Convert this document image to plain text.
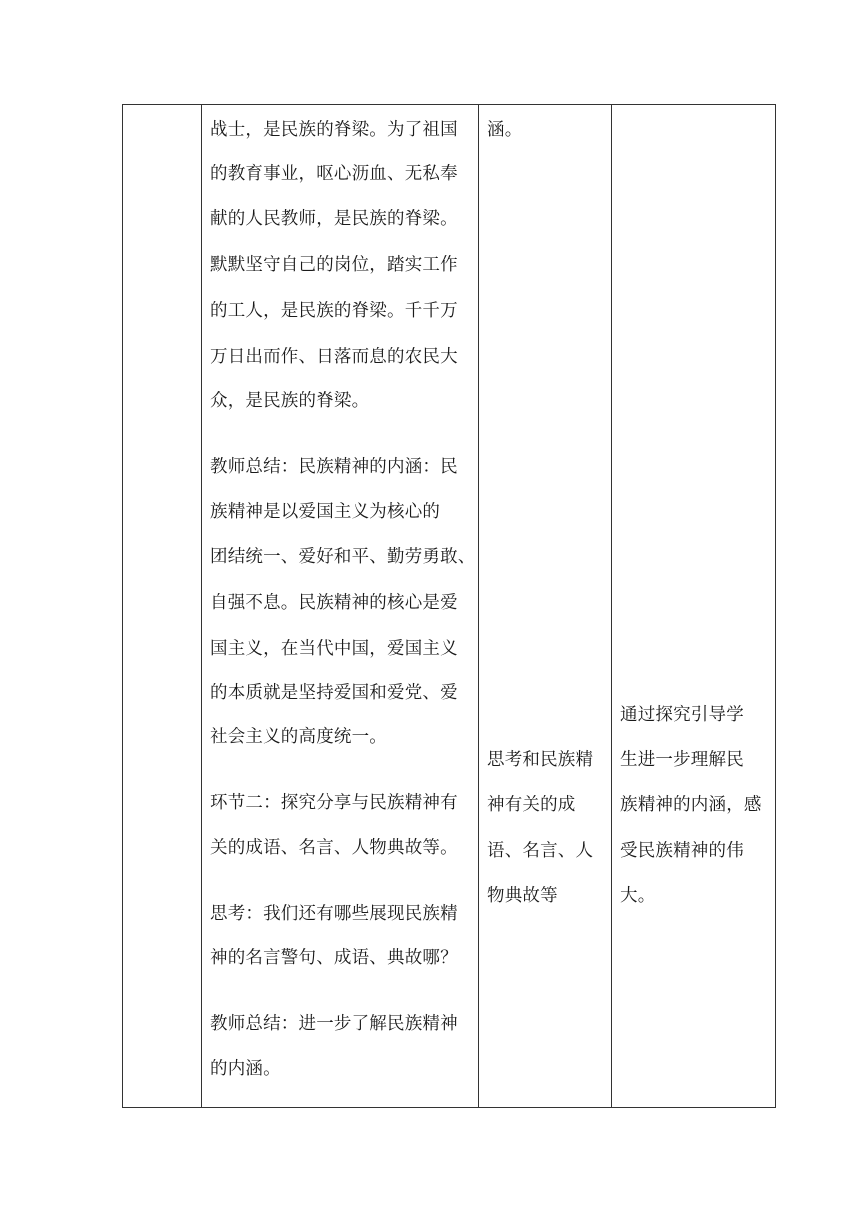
战士，是民族的脊梁。为了祖国
的教育事业，呕心沥血、无私奉
献的人民教师，是民族的脊梁。
默默坚守自己的岗位，踏实工作
的工人，是民族的脊梁。千千万
万日出而作、日落而息的农民大
众，是民族的脊梁。
教师总结：民族精神的内涵：民
族精神是以爱国主义为核心的
团结统一、爱好和平、勤劳勇敢、
自强不息。民族精神的核心是爱
国主义，在当代中国，爱国主义
的本质就是坚持爱国和爱党、爱
社会主义的高度统一。
环节二：探究分享与民族精神有
关的成语、名言、人物典故等。
思考：我们还有哪些展现民族精
神的名言警句、成语、典故哪？
教师总结：进一步了解民族精神
的内涵。
涵。
思考和民族精
神有关的成
语、名言、人
物典故等
通过探究引导学
生进一步理解民
族精神的内涵，感
受民族精神的伟
大。
